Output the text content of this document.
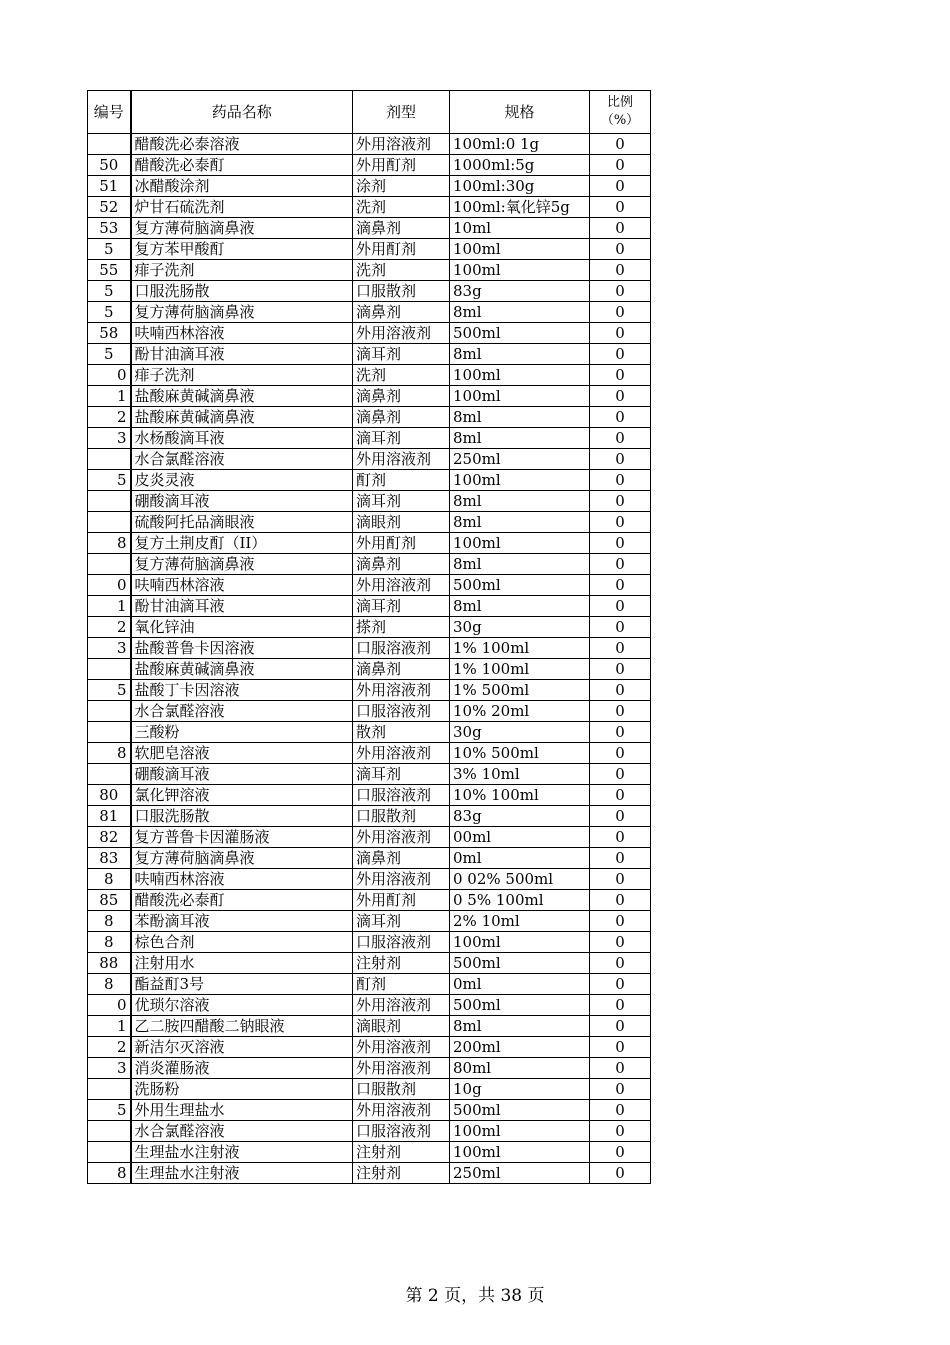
编号	药品名称	剂型	规格	比例
（%）
	醋酸洗必泰溶液	外用溶液剂	100ml:0 1g	0
50	醋酸洗必泰酊	外用酊剂	1000ml:5g	0
51	冰醋酸涂剂	涂剂	100ml:30g	0
52	炉甘石硫洗剂	洗剂	100ml:氧化锌5g	0
53	复方薄荷脑滴鼻液	滴鼻剂	10ml	0
5	复方苯甲酸酊	外用酊剂	100ml	0
55	痱子洗剂	洗剂	100ml	0
5	口服洗肠散	口服散剂	83g	0
5	复方薄荷脑滴鼻液	滴鼻剂	8ml	0
58	呋喃西林溶液	外用溶液剂	500ml	0
5	酚甘油滴耳液	滴耳剂	8ml	0
0	痱子洗剂	洗剂	100ml	0
1	盐酸麻黄碱滴鼻液	滴鼻剂	100ml	0
2	盐酸麻黄碱滴鼻液	滴鼻剂	8ml	0
3	水杨酸滴耳液	滴耳剂	8ml	0
	水合氯醛溶液	外用溶液剂	250ml	0
5	皮炎灵液	酊剂	100ml	0
	硼酸滴耳液	滴耳剂	8ml	0
	硫酸阿托品滴眼液	滴眼剂	8ml	0
8	复方土荆皮酊（II）	外用酊剂	100ml	0
	复方薄荷脑滴鼻液	滴鼻剂	8ml	0
0	呋喃西林溶液	外用溶液剂	500ml	0
1	酚甘油滴耳液	滴耳剂	8ml	0
2	氧化锌油	搽剂	30g	0
3	盐酸普鲁卡因溶液	口服溶液剂	1% 100ml	0
	盐酸麻黄碱滴鼻液	滴鼻剂	1% 100ml	0
5	盐酸丁卡因溶液	外用溶液剂	1% 500ml	0
	水合氯醛溶液	口服溶液剂	10% 20ml	0
	三酸粉	散剂	30g	0
8	软肥皂溶液	外用溶液剂	10% 500ml	0
	硼酸滴耳液	滴耳剂	3% 10ml	0
80	氯化钾溶液	口服溶液剂	10% 100ml	0
81	口服洗肠散	口服散剂	83g	0
82	复方普鲁卡因灌肠液	外用溶液剂	00ml	0
83	复方薄荷脑滴鼻液	滴鼻剂	0ml	0
8	呋喃西林溶液	外用溶液剂	0 02% 500ml	0
85	醋酸洗必泰酊	外用酊剂	0 5% 100ml	0
8	苯酚滴耳液	滴耳剂	2% 10ml	0
8	棕色合剂	口服溶液剂	100ml	0
88	注射用水	注射剂	500ml	0
8	酯益酊3号	酊剂	0ml	0
0	优琐尔溶液	外用溶液剂	500ml	0
1	乙二胺四醋酸二钠眼液	滴眼剂	8ml	0
2	新洁尔灭溶液	外用溶液剂	200ml	0
3	消炎灌肠液	外用溶液剂	80ml	0
	洗肠粉	口服散剂	10g	0
5	外用生理盐水	外用溶液剂	500ml	0
	水合氯醛溶液	口服溶液剂	100ml	0
	生理盐水注射液	注射剂	100ml	0
8	生理盐水注射液	注射剂	250ml	0
第 2 页，共 38 页
